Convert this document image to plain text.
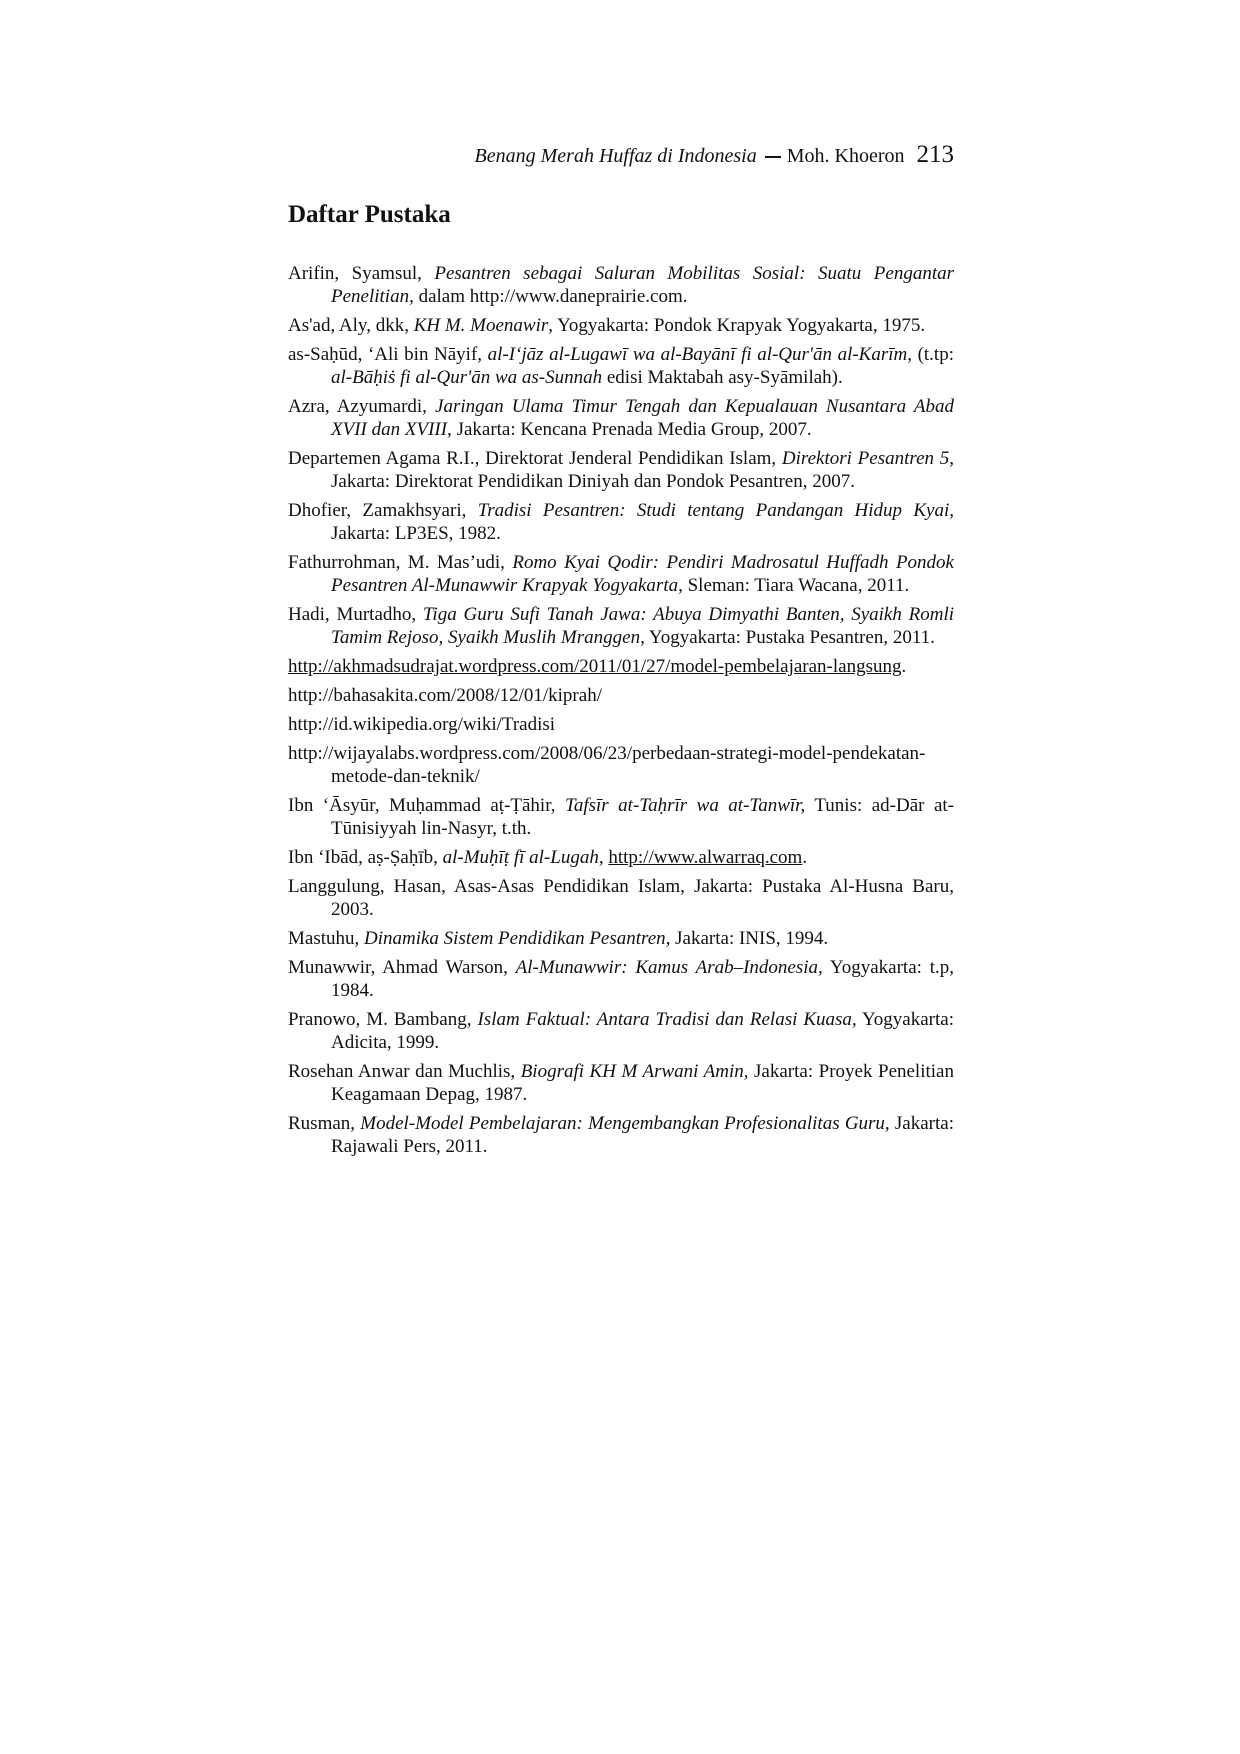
Benang Merah Huffaz di Indonesia Moh. Khoeron 213
Daftar Pustaka

Arifin, Syamsul, Pesantren sebagai Saluran Mobilitas Sosial: Suatu Pengantar Penelitian, dalam http://www.daneprairie.com.

As'ad, Aly, dkk, KH M. Moenawir, Yogyakarta: Pondok Krapyak Yogyakarta, 1975.

as-Saḥūd, ‘Ali bin Nāyif, al-I‘jāz al-Lugawī wa al-Bayānī fi al-Qur'ān al-Karīm, (t.tp: al-Bāḥiṡ fi al-Qur'ān wa as-Sunnah edisi Maktabah asy-Syāmilah).

Azra, Azyumardi, Jaringan Ulama Timur Tengah dan Kepualauan Nusantara Abad XVII dan XVIII, Jakarta: Kencana Prenada Media Group, 2007.

Departemen Agama R.I., Direktorat Jenderal Pendidikan Islam, Direktori Pesantren 5, Jakarta: Direktorat Pendidikan Diniyah dan Pondok Pesantren, 2007.

Dhofier, Zamakhsyari, Tradisi Pesantren: Studi tentang Pandangan Hidup Kyai, Jakarta: LP3ES, 1982.

Fathurrohman, M. Mas’udi, Romo Kyai Qodir: Pendiri Madrosatul Huffadh Pondok Pesantren Al-Munawwir Krapyak Yogyakarta, Sleman: Tiara Wacana, 2011.

Hadi, Murtadho, Tiga Guru Sufi Tanah Jawa: Abuya Dimyathi Banten, Syaikh Romli Tamim Rejoso, Syaikh Muslih Mranggen, Yogyakarta: Pustaka Pesantren, 2011.

http://akhmadsudrajat.wordpress.com/2011/01/27/model-pembelajaran-langsung.

http://bahasakita.com/2008/12/01/kiprah/

http://id.wikipedia.org/wiki/Tradisi

http://wijayalabs.wordpress.com/2008/06/23/perbedaan-strategi-model-pendekatan-metode-dan-teknik/

Ibn ‘Āsyūr, Muḥammad aṭ-Ṭāhir, Tafsīr at-Taḥrīr wa at-Tanwīr, Tunis: ad-Dār at-Tūnisiyyah lin-Nasyr, t.th.

Ibn ‘Ibād, aṣ-Ṣaḥīb, al-Muḥīṭ fī al-Lugah, http://www.alwarraq.com.

Langgulung, Hasan, Asas-Asas Pendidikan Islam, Jakarta: Pustaka Al-Husna Baru, 2003.

Mastuhu, Dinamika Sistem Pendidikan Pesantren, Jakarta: INIS, 1994.

Munawwir, Ahmad Warson, Al-Munawwir: Kamus Arab–Indonesia, Yogyakarta: t.p, 1984.

Pranowo, M. Bambang, Islam Faktual: Antara Tradisi dan Relasi Kuasa, Yogyakarta: Adicita, 1999.

Rosehan Anwar dan Muchlis, Biografi KH M Arwani Amin, Jakarta: Proyek Penelitian Keagamaan Depag, 1987.

Rusman, Model-Model Pembelajaran: Mengembangkan Profesionalitas Guru, Jakarta: Rajawali Pers, 2011.
